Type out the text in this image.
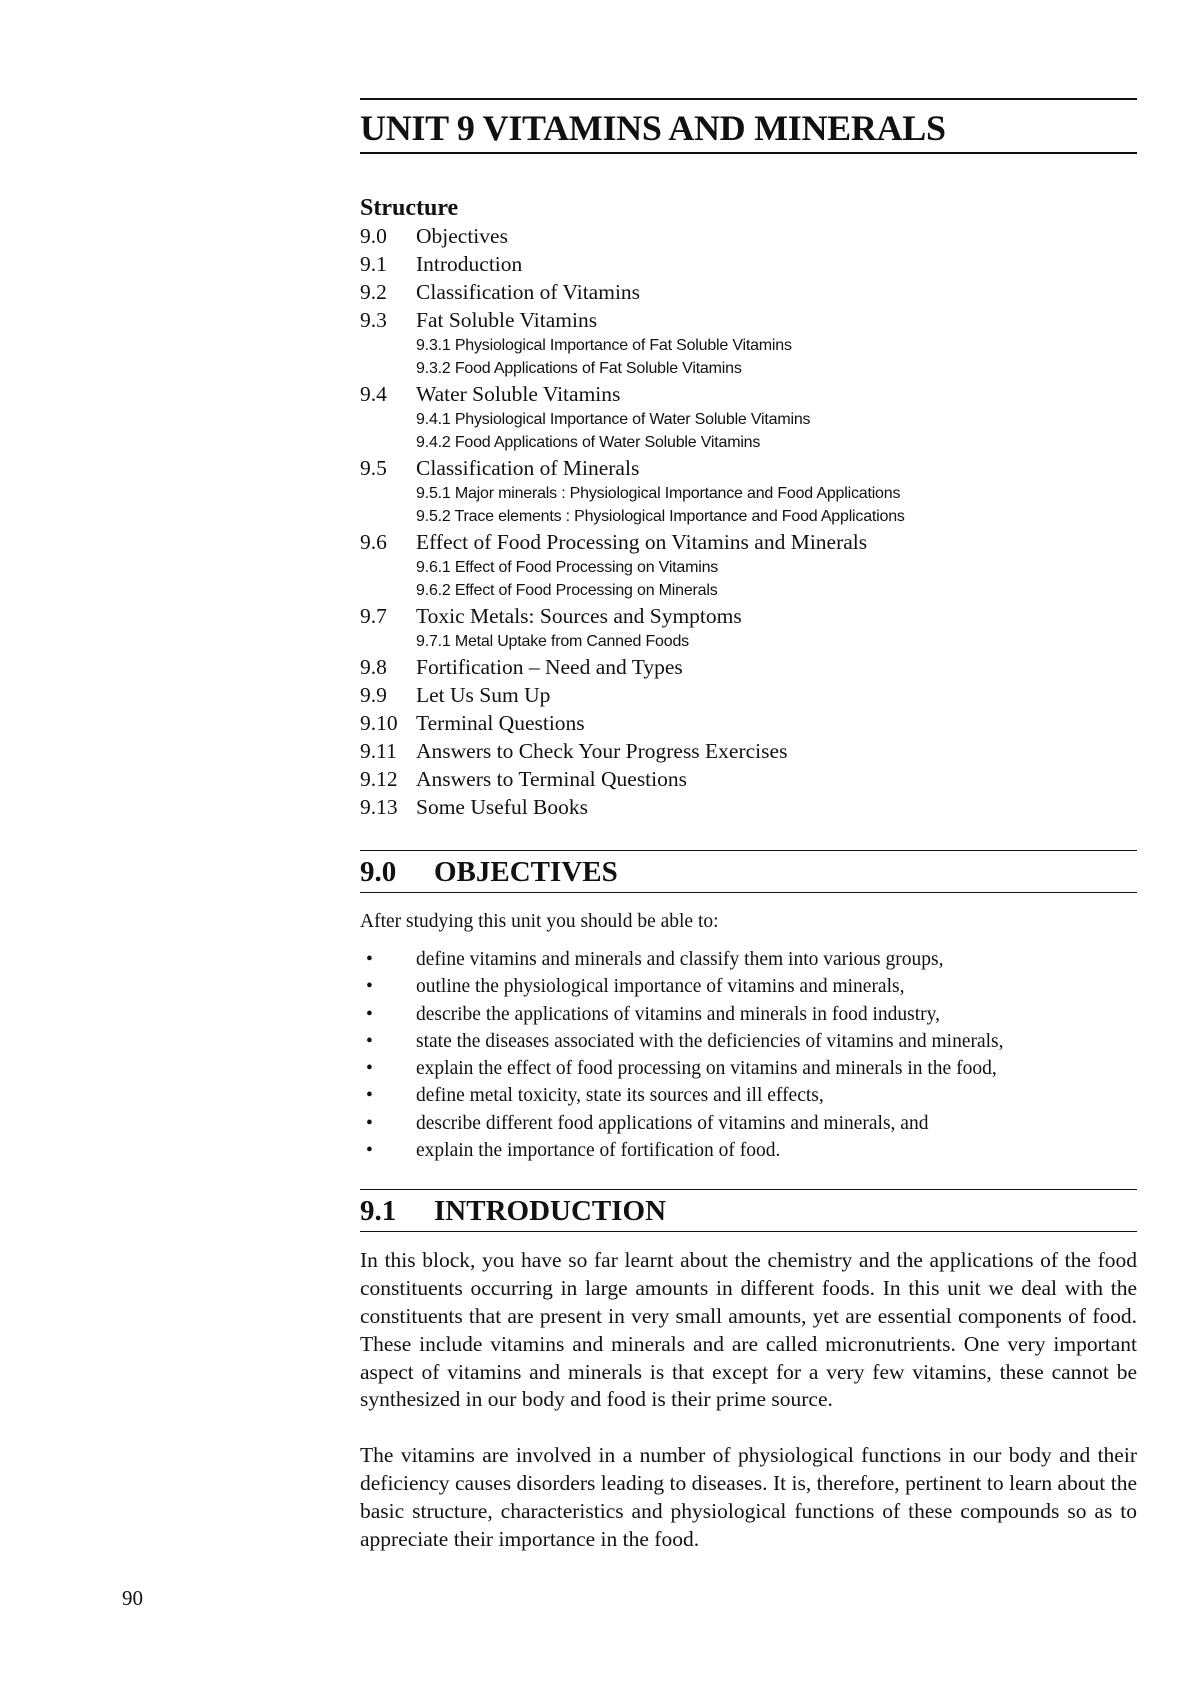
UNIT 9 VITAMINS AND MINERALS
Structure
9.0	Objectives
9.1	Introduction
9.2	Classification of Vitamins
9.3	Fat Soluble Vitamins
9.3.1 Physiological Importance of Fat Soluble Vitamins
9.3.2 Food Applications of Fat Soluble Vitamins
9.4	Water Soluble Vitamins
9.4.1 Physiological Importance of Water Soluble Vitamins
9.4.2 Food Applications of Water Soluble Vitamins
9.5	Classification of Minerals
9.5.1 Major minerals : Physiological Importance and Food Applications
9.5.2 Trace elements : Physiological Importance and Food Applications
9.6	Effect of Food Processing on Vitamins and Minerals
9.6.1 Effect of Food Processing on Vitamins
9.6.2 Effect of Food Processing on Minerals
9.7	Toxic Metals: Sources and Symptoms
9.7.1 Metal Uptake from Canned Foods
9.8	Fortification – Need and Types
9.9	Let Us Sum Up
9.10 Terminal Questions
9.11 Answers to Check Your Progress Exercises
9.12 Answers to Terminal Questions
9.13 Some Useful Books
9.0	OBJECTIVES

After studying this unit you should be able to:

•	define vitamins and minerals and classify them into various groups,
•	outline the physiological importance of vitamins and minerals,
•	describe the applications of vitamins and minerals in food industry,
•	state the diseases associated with the deficiencies of vitamins and minerals,
•	explain the effect of food processing on vitamins and minerals in the food,
•	define metal toxicity, state its sources and ill effects,
•	describe different food applications of vitamins and minerals, and
•	explain the importance of fortification of food.
9.1	INTRODUCTION

In this block, you have so far learnt about the chemistry and the applications of the food constituents occurring in large amounts in different foods. In this unit we deal with the constituents that are present in very small amounts, yet are essential components of food. These include vitamins and minerals and are called micronutrients. One very important aspect of vitamins and minerals is that except for a very few vitamins, these cannot be synthesized in our body and food is their prime source.

The vitamins are involved in a number of physiological functions in our body and their deficiency causes disorders leading to diseases. It is, therefore, pertinent to learn about the basic structure, characteristics and physiological functions of these compounds so as to appreciate their importance in the food.

90
